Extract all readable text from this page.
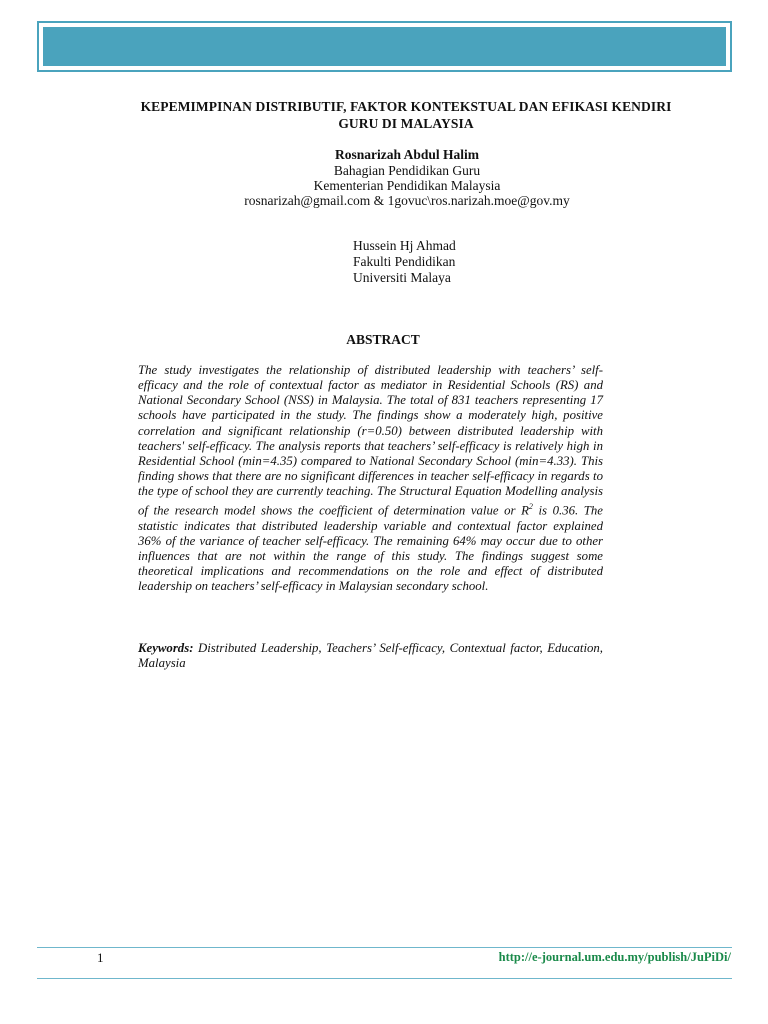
KEPEMIMPINAN DISTRIBUTIF, FAKTOR KONTEKSTUAL DAN EFIKASI KENDIRI
GURU DI MALAYSIA
Rosnarizah Abdul Halim
Bahagian Pendidikan Guru
Kementerian Pendidikan Malaysia
rosnarizah@gmail.com & 1govuc\ros.narizah.moe@gov.my
Hussein Hj Ahmad
Fakulti Pendidikan
Universiti Malaya
ABSTRACT

The study investigates the relationship of distributed leadership with teachers’ self-efficacy and the role of contextual factor as mediator in Residential Schools (RS) and National Secondary School (NSS) in Malaysia. The total of 831 teachers representing 17 schools have participated in the study. The findings show a moderately high, positive correlation and significant relationship (r=0.50) between distributed leadership with teachers' self-efficacy. The analysis reports that teachers’ self-efficacy is relatively high in Residential School (min=4.35) compared to National Secondary School (min=4.33). This finding shows that there are no significant differences in teacher self-efficacy in regards to the type of school they are currently teaching. The Structural Equation Modelling analysis of the research model shows the coefficient of determination value or $R^2$ is 0.36. The statistic indicates that distributed leadership variable and contextual factor explained 36% of the variance of teacher self-efficacy. The remaining 64% may occur due to other influences that are not within the range of this study. The findings suggest some theoretical implications and recommendations on the role and effect of distributed leadership on teachers’ self-efficacy in Malaysian secondary school.

Keywords: Distributed Leadership, Teachers’ Self-efficacy, Contextual factor, Education, Malaysia

1	http://e-journal.um.edu.my/publish/JuPiDi/
